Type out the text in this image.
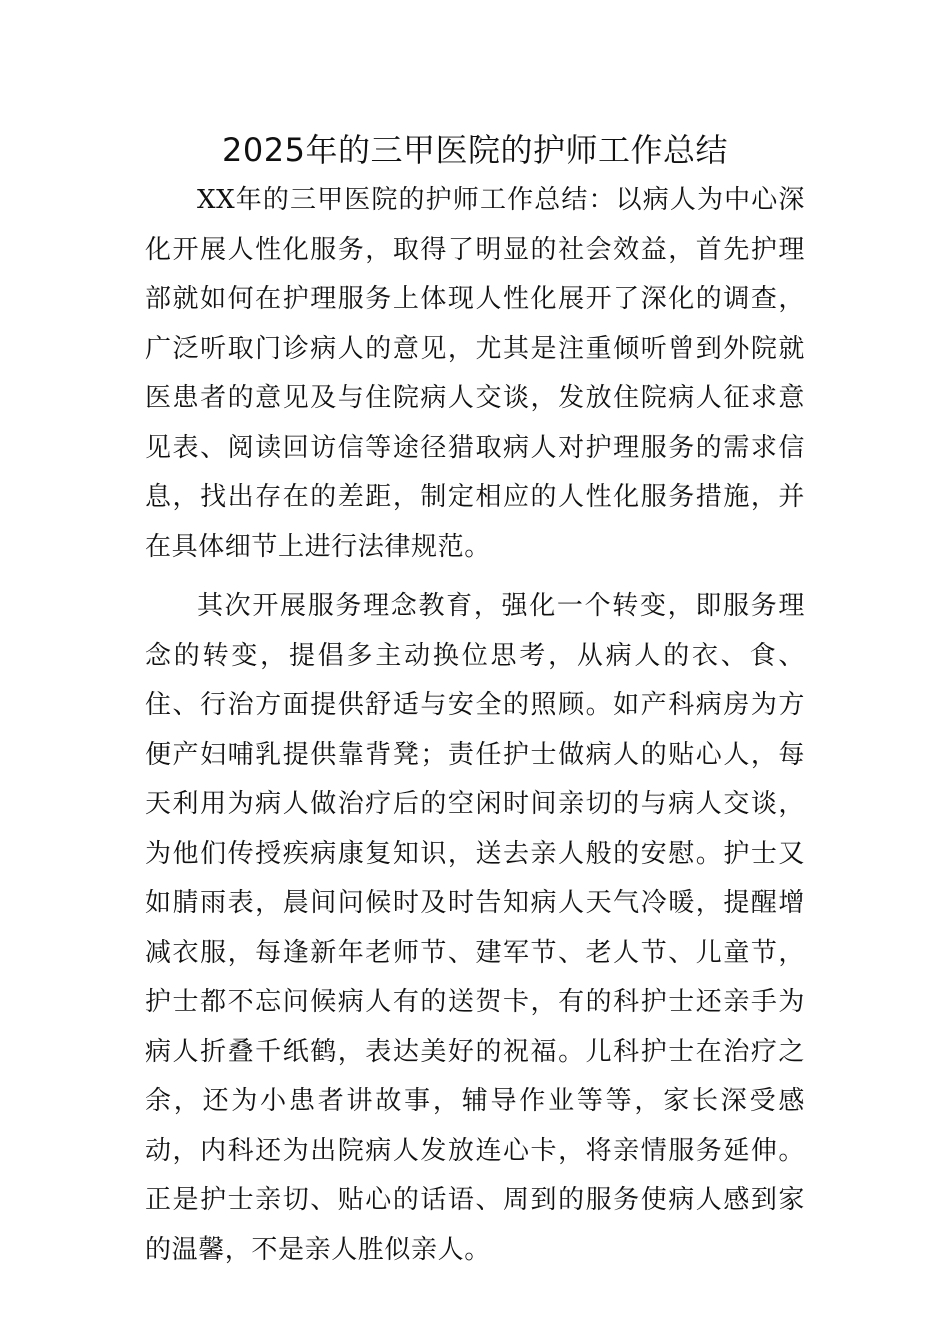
2025年的三甲医院的护师工作总结

XX年的三甲医院的护师工作总结：以病人为中心深化开展人性化服务，取得了明显的社会效益，首先护理部就如何在护理服务上体现人性化展开了深化的调查，广泛听取门诊病人的意见，尤其是注重倾听曾到外院就医患者的意见及与住院病人交谈，发放住院病人征求意见表、阅读回访信等途径猎取病人对护理服务的需求信息，找出存在的差距，制定相应的人性化服务措施，并在具体细节上进行法律规范。

其次开展服务理念教育，强化一个转变，即服务理念的转变，提倡多主动换位思考，从病人的衣、食、住、行治方面提供舒适与安全的照顾。如产科病房为方便产妇哺乳提供靠背凳；责任护士做病人的贴心人，每天利用为病人做治疗后的空闲时间亲切的与病人交谈，为他们传授疾病康复知识，送去亲人般的安慰。护士又如腈雨表，晨间问候时及时告知病人天气冷暖，提醒增减衣服，每逢新年老师节、建军节、老人节、儿童节，护士都不忘问候病人有的送贺卡，有的科护士还亲手为病人折叠千纸鹤，表达美好的祝福。儿科护士在治疗之余，还为小患者讲故事，辅导作业等等，家长深受感动，内科还为出院病人发放连心卡，将亲情服务延伸。正是护士亲切、贴心的话语、周到的服务使病人感到家的温馨，不是亲人胜似亲人。
